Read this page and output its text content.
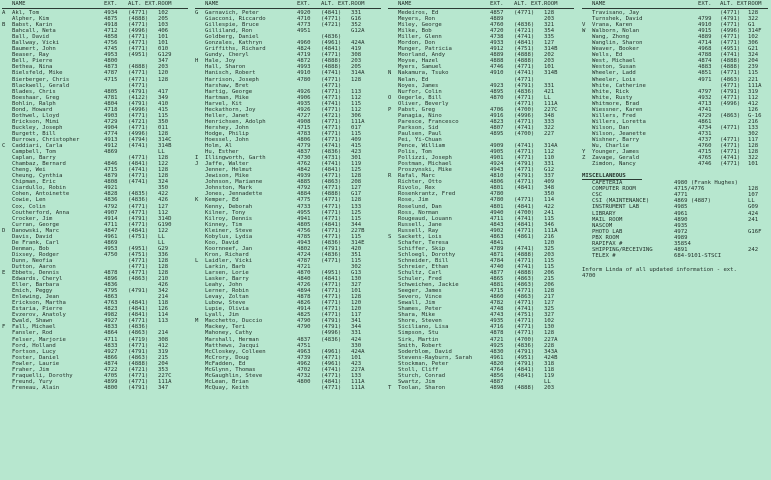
NAME	EXT.	ALT. EXT. ROOM
A	Akl, Tom	4934	(4771)	102
Alpher, Kim	4875	(4888)	205
B	Babst, Karin	4918	(4771)	103
Bahcall, Neta	4712	(4996)	406
Ball, David	4858	(4771)	101
Ballway, Vicki	4756	(4771)	101
Baumert, John	4745	(4771)	010
Beaser, Ray	4953	(4951)	G129
Bell, Pierre	4800	347
Bethea, Nina	4873	(4888)	203
Bielsfeld, Mike	4787	(4771)	120
Bierberger, Chris	4715	(4771)	128
Blackwell, Gerald	(4771)
Blades, Chris	4805	(4791)	417
Boeshaar, Greg	4781	(4122)	349
Bohlin, Ralph	4804	(4791)	410
Bond, Howard	4718	(4996)	415
Bothwel, Lloyd	4903	(4771)	115
Brickson, Mimi	4729	(4721)	350
Buckley, Joseph	4904	(4771)	011
Burgett, Bill	4774	(4996)	128
Burrows, Christopher	4913	(4794)	314C
C	Caddiari, Carla	4912	(4741)	314B
Campbell, Tom	4869	LL
Caplan, Barry	(4771)	128
Chambaz, Bernard	4846	(4841)	122
Cheng, Wei	4715	(4741)	128
Cheung, Cynthia	4879	(4771)	128
Chipman, Eric	4808	(4741)	324
Ciardullo, Robin	4921	350
Cohen, Antoinette	4828	(4835)	422
Cowie, Len	4836	(4836)	426
Cox, Colin	4792	(4771)	127
Coutherford, Anna	4907	(4771)	112
Crocker, Jim	4914	(4791)	314D
Curran, George	4711	(4771)	G190
D	Danowski, Marc	4847	(4841)	122
Davis, David	4961	(4751)	LL
De Frank, Carl	4869	LL
Denman, Bob	4953	(4951)	G29
Dixsey, Rodger	4750	(4751)	336
Dunn, Neofia	(4771)	128
Dutton, Aaron	(4771)	128
E	Ebbets, Dennis	4878	(4771)	128
Edwards, Cheryl	4896	(4863)	210
Eller, Barbara	4836	426
Emich, Peggy	4795	(4791)	342
Enlewing, Jean	4863	214
Erickson, Martha	4763	(4841)	118
Estaria, Pierre	4823	(4841)	126
Evzerov, Anatoly	4982	(4841)	114
Ewald, Shawn	4927	(4771)	113
F	Fall, Michael	4833	(4836)
Fansler, Rod	4864	(4863)	214
Felser, Marjorie	4711	(4719)	308
Ford, Holland	4833	(4771)	412
Fortson, Lucy	4927	(4791)	319
Foster, Daniel	4866	(4863)	215
Fowler, Laurie	4874	(4888)	204
Fraher, Jim	4722	(4721)	353
Fraquelli, Dorothy	4705	(4771)	227C
Freund, Yury	4899	(4771)	111A
Freneau, Alain	4800	(4791)	347
NAME	EXT.	ALT. EXT. ROOM
G	Garnavich, Peter	4920	(4841)	331
Giacconi, Riccardo	4710	(4771)	G16
Gillespie, Bruce	4773	(4721)	352
Gilliland, Ron	4951	G12A
Goldberg, Daniel	(4836)
Gonzales, Kathryn	4960	(4961)	424A
Griffiths, Richard	4824	(4841)	419
Gundy, Cheryl	4719	(4771)	308
H	Hale, Joy	4872	(4888)	203
Hall, Sharon	4993	(4888)	205
Hanisch, Robert	4910	(4741)	314A
Harrison, Joseph	4780	(4771)	128
Harshaw, Bret	(4771)
Hartig, George	4926	(4771)	113
Hartman, Mike	4906	(4771)	112
Harvel, Kit	4935	(4741)	115
Heckathorn, Joy	4926	(4771)	112
Heller, Janet	4727	(4721)	306
Henrichsen, Adolph	4908	(4771)	111A
Hershey, John	4715	(4771)	017
Hodge, Philip	4783	(4771)	115
Hoessel, John	4806	(4771)	409
Holm, Al	4779	(4741)	415
Hu, Esther	4837	(4836)	423
I	Illingworth, Garth	4730	(4731)	301
J	Jaffe, Walter	4762	(4741)	119
Jenner, Helmut	4842	(4841)	125
Jewison, Mike	4939	(4771)	128
Johnson, Marianne	4885	(4863)	208
Johnston, Mark	4792	(4771)	127
Jones, Jennadette	4884	(4888)	G17
K	Kemper, Ed	4775	(4771)	128
Kenny, Deborah	4733	(4771)	133
Kilner, Tony	4955	(4771)	125
Kilroy, Dennis	4941	(4771)	115
Kinney, Tim	4805	(4841)	344
Kleiner, Steve	4756	(4771)	227B
Kobylus, Lydia	4785	(4771)	115
Koo, David	4943	(4836)	314E
Koornneef, Jan	4802	(4791)	420
Kron, Richard	4724	(4836)	351
L	Laidler, Vicki	4787	(4771)	115
Larkin, Barb	4721	302
Larsen, Lorie	4870	(4951)	G13
Lasker, Barry	4840	(4841)	130
Leahy, John	4726	(4771)	327
Lerner, Robin	4894	(4771)	101
Levay, Zoltan	4878	(4771)	128
Lubow, Steve	4826	(4771)	120
Lupie, Olivia	4914	(4771)	120
Lyall, Jim	4825	(4771)	117
M	Macchetto, Duccio	4790	(4791)	341
Mackey, Teri	4790	(4791)	344
Mahoney, Cathy	(4996)	331
Marshall, Herman	4837	(4836)	424
Matthews, Jacqui	4751	330
McCloskey, Colleen	4963	(4961)	424A
McCrory, Doug	4739	(4771)	101
McFadden, Ed	4962	(4961)	423
McGlynn, Thomas	4702	(4741)	227A
McGaughlin, Steve	4732	(4771)	133
McLean, Brian	4800	(4841)	111A
McQuay, Keith	(4771)	111A
NAME	EXT.	ALT. EXT. ROOM
Medeiros, Ed	4857	(4771)	128
Meyers, Ron	4889	203
Miley, George	4760	(4836)	321
Milke, Bob	4720	(4721)	354
Miller, Glenn	4738	(4741)	335
Mordon, Don	4933	(4841)	127
Munger, Patricia	4912	(4751)	314B
Moorland, Andy	4889	(4888)	202
Moyse, Hazel	4888	(4888)	203
Myers, Samuel	4746	(4771)	101
N	Nakamura, Tsuko	4910	(4741)	314B
Nelan, Ed	(4771)
Noyes, James	4923	(4791)	331
Nurfor, Colin	4895	(4836)	421
O	Oegerle, Bill	4870	(4771)	LL
Oliver, Beverly	(4771)	111A
P	Pabst, Greg	4706	(4700)	227C
Panagia, Nino	4916	(4996)	348
Paresce, Francesco	4823	(4771)	333
Parkson, Sid	4807	(4741)	322
Paulsen, Paul	4895	(4700)	227
Pei, Yi-Chuan
Pence, William	4909	(4741)	314A
Polis, Tom	4905	(4771)	112
Pollizzi, Joseph	4901	(4771)	110
Postman, Michael	4924	(4791)	331
Proszynski, Mike	4943	(4771)	G12
R	Rafal, Marc	4810	(4791)	337
Richter, Otto	4806	(4771)	409
Rivolo, Rex	4801	(4841)	348
Rosenkrantz, Fred	4780	350
Rose, Jim	4780	(4771)	114
Roselund, Dan	4801	(4841)	422
Ross, Norman	4940	(4700)	241
Rougeaud, Louann	4711	(4741)	115
Russell, Jane	4843	(4841)	346
Russell, Ray	4902	(4771)	111A
S	Sackett, Lois	4863	(4861)	216
Schafer, Teresa	4841	120
Schiffer, Skip	4789	(4741)	325
Schloegl, Dorothy	4871	(4888)	203
Schneider, Bill	4784	(4771)	115
Schreier, Ethan	4740	(4741)	115
Schultz, Carl	4877	(4888)	206
Schuler, Fred	4865	(4863)	215
Schweichen, Jackie	4881	(4863)	206
Seeger, James	4715	(4771)	128
Severo, Vince	4860	(4863)	217
Sewall, Jim	4782	(4771)	127
Shames, Peter	4748	(4741)	325
Shara, Mike	4743	(4751)	327
Shore, Steven	4935	(4771)	102
Siciliano, Lisa	4716	(4771)	130
Simpson, Stu	4878	(4771)	128
Sirk, Martin	4721	(4700)	227A
Smith, Robert	4925	(4836)	228
Soderblom, David	4830	(4791)	343A
Stevens-Rayburn, Sarah	4961	(4951)	424B
Stockman, Peter	4820	(4791)	318
Stoll, Cliff	4764	(4841)	118
Sturch, Conrad	4856	(4841)	119
Swartz, Jim	4887	LL
T	Toolan, Sharon	4898	(4888)	203
NAME	EXT.	ALT. EXT.
ROOM
Travisano, Jay	(4771)	128
Turnshek, David	4799	(4791)	322
V	Vrana, Karen	4910	(4771)	G1
W	Walborn, Nolan	4915	(4996)	314F
Wang, Zhong	4889	(4771)	102
Wanglin, Sharon	4714	(4771)	306
Weaver, Booker	4968	(4951)	G21
Wells, Ed	4788	(4741)	324
West, Michael	4874	(4888)	204
Weston, Susan	4883	(4888)	239
Wheeler, Ladd	4851	(4771)	115
Wheeler, Lois	4971	(4863)	221
White, Catherine	(4771)	111A
White, Rick	4797	(4791)	319
White, Rusty	4932	(4771)	112
Whitmore, Brad	4713	(4996)	412
Wiessner, Karen	4741	126
Willers, Fred	4729	(4863)	G-16
Willers, Loretta	4861	216
Wilson, Dan	4734	(4771)	133
Wilson, Jeanette	4731	302
Wishner, Barry	4737	(4771)	117
Wu, Charlie	4760	(4771)	128
Y	Younger, James	4715	(4771)	128
Z	Zavage, Gerald	4765	(4741)	322
Zimdon, Nancy	4746	(4771)	101
MISCELLANEOUS
CAFETERIA	4980 (Frank Hughes)
COMPUTER ROOM	4715/4776	128
CSC	4771	107
CSI (MAINTENANCE)	4869 (4887)	LL
INSTRUMENT LAB	4985	G09
LIBRARY	4961	424
MAIL ROOM	4890	241
NASCOM	4935
PHOTO LAB	4972	G16F
PBX ROOM	4989
RAPIFAX #	35854
SHIPPING/RECEIVING	4891	242
TELEX #	684-9101-STSCI
Inform Linda of all updated information - ext. 4700
